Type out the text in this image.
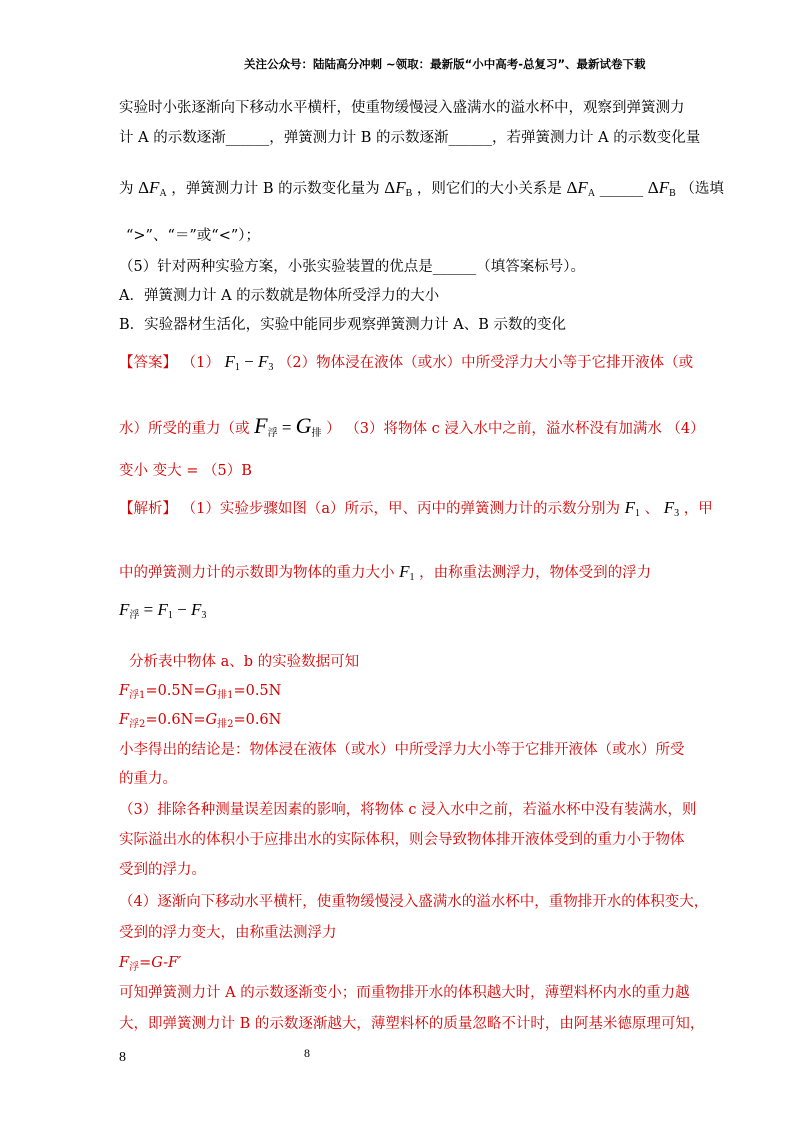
关注公众号：陆陆高分冲刺 ~领取：最新版“小中高考-总复习”、最新试卷下载
实验时小张逐渐向下移动水平横杆，使重物缓慢浸入盛满水的溢水杯中，观察到弹簧测力
计 A 的示数逐渐______，弹簧测力计 B 的示数逐渐______，若弹簧测力计 A 的示数变化量
为 $\Delta F_A$ ，弹簧测力计 B 的示数变化量为 $\Delta F_B$ ，则它们的大小关系是 $\Delta F_A$ ______ $\Delta F_B$ （选填
“>”、“＝”或“<”）；
（5）针对两种实验方案，小张实验装置的优点是______（填答案标号）。
A．弹簧测力计 A 的示数就是物体所受浮力的大小
B．实验器材生活化，实验中能同步观察弹簧测力计 A、B 示数的变化
【答案】 （1） $F_1 - F_3$ （2）物体浸在液体（或水）中所受浮力大小等于它排开液体（或
水）所受的重力（或 $F_浮 = G_排$ ） （3）将物体 c 浸入水中之前，溢水杯没有加满水 （4）
变小 变大 = （5）B
【解析】 （1）实验步骤如图（a）所示，甲、丙中的弹簧测力计的示数分别为 $F_1$ 、 $F_3$ ，甲
中的弹簧测力计的示数即为物体的重力大小 $F_1$ ，由称重法测浮力，物体受到的浮力
$F_浮 = F_1 - F_3$
分析表中物体 a、b 的实验数据可知
$F_{浮1}=0.5N=G_{排1}=0.5N$
$F_{浮2}=0.6N=G_{排2}=0.6N$
小李得出的结论是：物体浸在液体（或水）中所受浮力大小等于它排开液体（或水）所受
的重力。
（3）排除各种测量误差因素的影响，将物体 c 浸入水中之前，若溢水杯中没有装满水，则
实际溢出水的体积小于应排出水的实际体积，则会导致物体排开液体受到的重力小于物体
受到的浮力。
（4）逐渐向下移动水平横杆，使重物缓慢浸入盛满水的溢水杯中，重物排开水的体积变大，
受到的浮力变大，由称重法测浮力
$F_浮=G-F'$
可知弹簧测力计 A 的示数逐渐变小；而重物排开水的体积越大时，薄塑料杯内水的重力越
大，即弹簧测力计 B 的示数逐渐越大，薄塑料杯的质量忽略不计时，由阿基米德原理可知，
8	8
